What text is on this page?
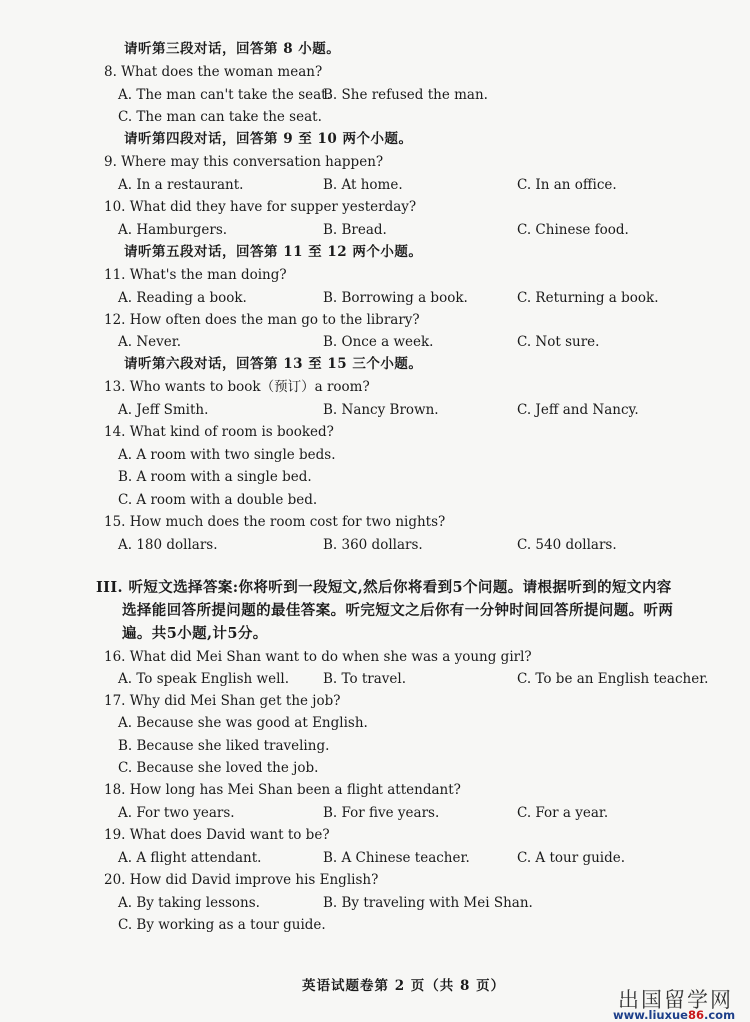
请听第三段对话，回答第 8 小题。
8. What does the woman mean?
A. The man can't take the seat.
B. She refused the man.
C. The man can take the seat.
请听第四段对话，回答第 9 至 10 两个小题。
9. Where may this conversation happen?
A. In a restaurant.	B. At home.	C. In an office.
10. What did they have for supper yesterday?
A. Hamburgers.	B. Bread.	C. Chinese food.
请听第五段对话，回答第 11 至 12 两个小题。
11. What's the man doing?
A. Reading a book.	B. Borrowing a book.	C. Returning a book.
12. How often does the man go to the library?
A. Never.	B. Once a week.	C. Not sure.
请听第六段对话，回答第 13 至 15 三个小题。
13. Who wants to book（预订）a room?
A. Jeff Smith.	B. Nancy Brown.	C. Jeff and Nancy.
14. What kind of room is booked?
A. A room with two single beds.
B. A room with a single bed.
C. A room with a double bed.
15. How much does the room cost for two nights?
A. 180 dollars.	B. 360 dollars.	C. 540 dollars.
III. 听短文选择答案:你将听到一段短文,然后你将看到5个问题。请根据听到的短文内容
选择能回答所提问题的最佳答案。听完短文之后你有一分钟时间回答所提问题。听两
遍。共5小题,计5分。
16. What did Mei Shan want to do when she was a young girl?
A. To speak English well.	B. To travel.	C. To be an English teacher.
17. Why did Mei Shan get the job?
A. Because she was good at English.
B. Because she liked traveling.
C. Because she loved the job.
18. How long has Mei Shan been a flight attendant?
A. For two years.	B. For five years.	C. For a year.
19. What does David want to be?
A. A flight attendant.	B. A Chinese teacher.	C. A tour guide.
20. How did David improve his English?
A. By taking lessons.	B. By traveling with Mei Shan.
C. By working as a tour guide.
英语试题卷第 2 页（共 8 页）
出国留学网
www.liuxue86.com
